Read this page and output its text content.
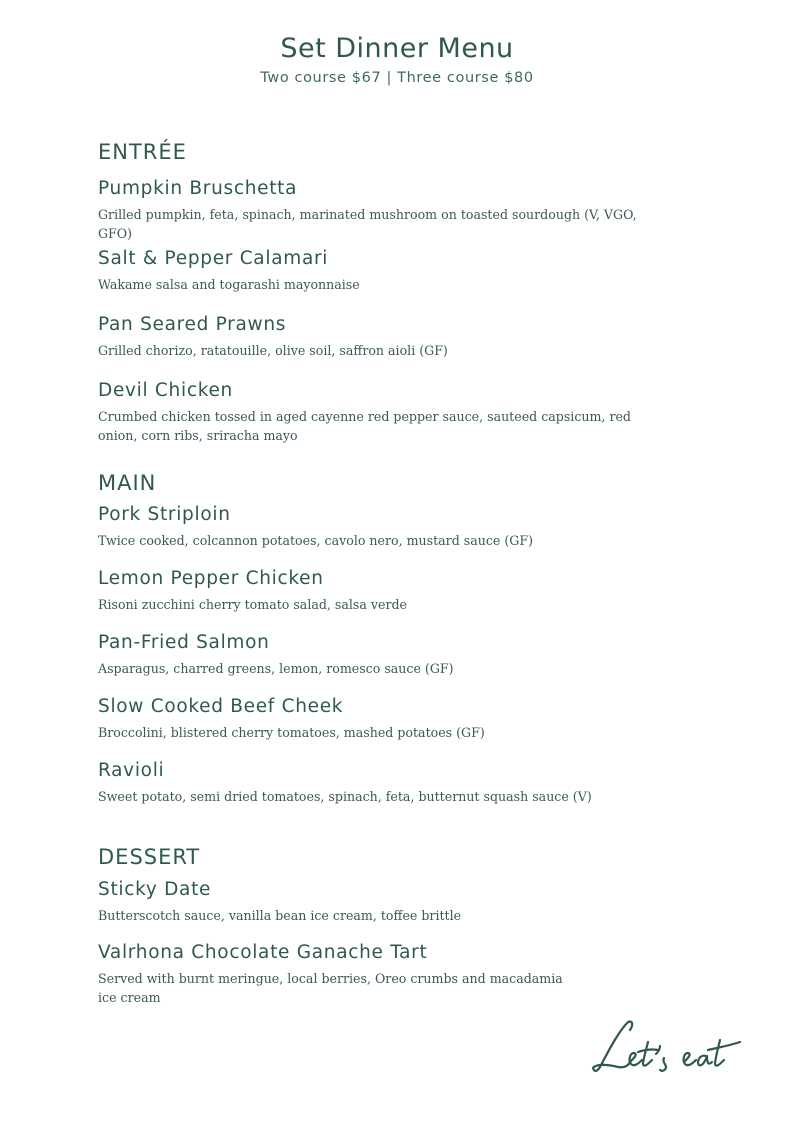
Set Dinner Menu
Two course $67 | Three course $80
ENTRÉE
Pumpkin Bruschetta
Grilled pumpkin, feta, spinach, marinated mushroom on toasted sourdough (V, VGO, GFO)
Salt & Pepper Calamari
Wakame salsa and togarashi mayonnaise
Pan Seared Prawns
Grilled chorizo, ratatouille, olive soil, saffron aioli (GF)
Devil Chicken
Crumbed chicken tossed in aged cayenne red pepper sauce, sauteed capsicum, red onion, corn ribs, sriracha mayo
MAIN
Pork Striploin
Twice cooked, colcannon potatoes, cavolo nero, mustard sauce (GF)
Lemon Pepper Chicken
Risoni zucchini cherry tomato salad, salsa verde
Pan-Fried Salmon
Asparagus, charred greens, lemon, romesco sauce (GF)
Slow Cooked Beef Cheek
Broccolini, blistered cherry tomatoes, mashed potatoes (GF)
Ravioli
Sweet potato, semi dried tomatoes, spinach, feta, butternut squash sauce (V)
DESSERT
Sticky Date
Butterscotch sauce, vanilla bean ice cream, toffee brittle
Valrhona Chocolate Ganache Tart
Served with burnt meringue, local berries, Oreo crumbs and macadamia ice cream
